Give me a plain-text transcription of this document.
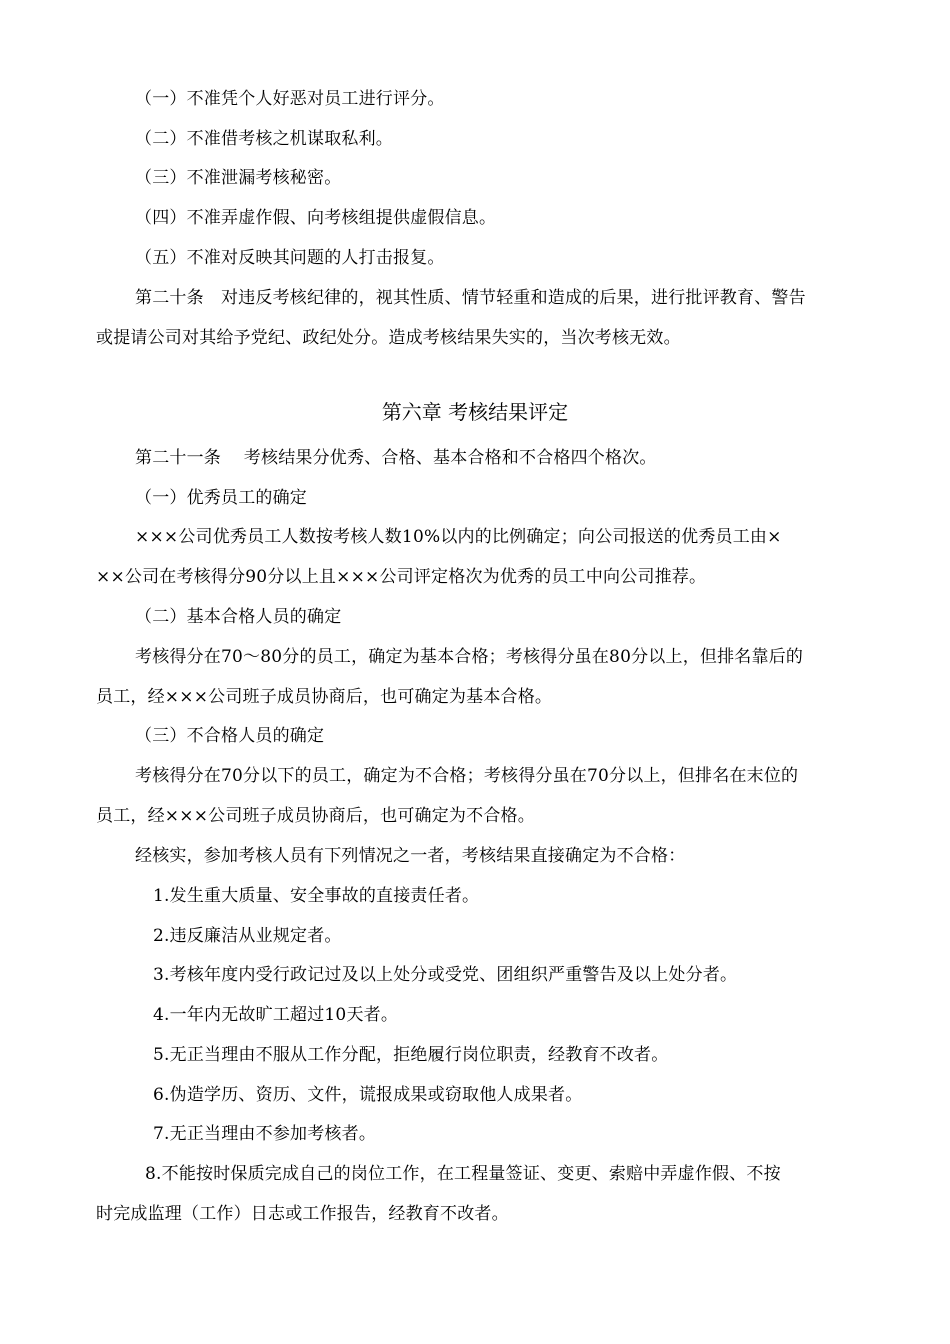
（一）不准凭个人好恶对员工进行评分。
（二）不准借考核之机谋取私利。
（三）不准泄漏考核秘密。
（四）不准弄虚作假、向考核组提供虚假信息。
（五）不准对反映其问题的人打击报复。
第二十条　对违反考核纪律的，视其性质、情节轻重和造成的后果，进行批评教育、警告
或提请公司对其给予党纪、政纪处分。造成考核结果失实的，当次考核无效。
第六章 考核结果评定
第二十一条　 考核结果分优秀、合格、基本合格和不合格四个格次。
（一）优秀员工的确定
×××公司优秀员工人数按考核人数10%以内的比例确定；向公司报送的优秀员工由×
××公司在考核得分90分以上且×××公司评定格次为优秀的员工中向公司推荐。
（二）基本合格人员的确定
考核得分在70～80分的员工，确定为基本合格；考核得分虽在80分以上，但排名靠后的
员工，经×××公司班子成员协商后，也可确定为基本合格。
（三）不合格人员的确定
考核得分在70分以下的员工，确定为不合格；考核得分虽在70分以上，但排名在末位的
员工，经×××公司班子成员协商后，也可确定为不合格。
经核实，参加考核人员有下列情况之一者，考核结果直接确定为不合格：
1.发生重大质量、安全事故的直接责任者。
2.违反廉洁从业规定者。
3.考核年度内受行政记过及以上处分或受党、团组织严重警告及以上处分者。
4.一年内无故旷工超过10天者。
5.无正当理由不服从工作分配，拒绝履行岗位职责，经教育不改者。
6.伪造学历、资历、文件，谎报成果或窃取他人成果者。
7.无正当理由不参加考核者。
8.不能按时保质完成自己的岗位工作，在工程量签证、变更、索赔中弄虚作假、不按
时完成监理（工作）日志或工作报告，经教育不改者。
